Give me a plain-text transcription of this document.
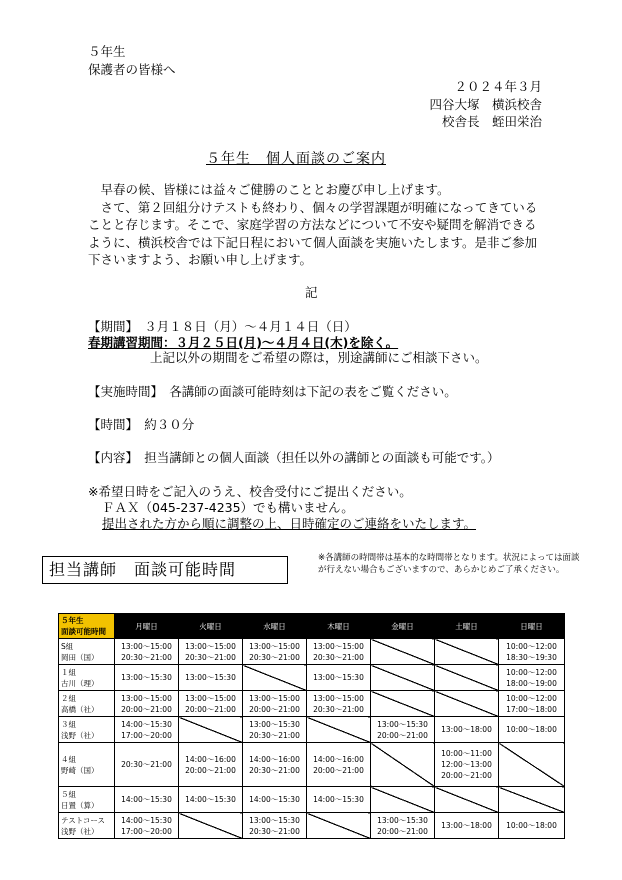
５年生
保護者の皆様へ
２０２４年３月
四谷大塚　横浜校舎
校舎長　蛭田栄治
５年生　個人面談のご案内
早春の候、皆様には益々ご健勝のこととお慶び申し上げます。
さて、第２回組分けテストも終わり、個々の学習課題が明確になってきていることと存じます。そこで、家庭学習の方法などについて不安や疑問を解消できるように、横浜校舎では下記日程において個人面談を実施いたします。是非ご参加下さいますよう、お願い申し上げます。
記
【期間】　３月１８日（月）～４月１４日（日）
春期講習期間：３月２５日(月)～４月４日(木)を除く。
上記以外の期間をご希望の際は，別途講師にご相談下さい。
【実施時間】　各講師の面談可能時刻は下記の表をご覧ください。
【時間】　約３０分
【内容】　担当講師との個人面談（担任以外の講師との面談も可能です。）
※希望日時をご記入のうえ、校舎受付にご提出ください。
ＦＡＸ（045-237-4235）でも構いません。
提出された方から順に調整の上、日時確定のご連絡をいたします。
担当講師　面談可能時間
※各講師の時間帯は基本的な時間帯となります。状況によっては面談が行えない場合もございますので、あらかじめご了承ください。
５年生
面談可能時間	月曜日	火曜日	水曜日	木曜日	金曜日	土曜日	日曜日

S組
岡田（国）	13:00～15:00
20:30～21:00	13:00～15:00
20:30～21:00	13:00～15:00
20:30～21:00	13:00～15:00
20:30～21:00			10:00～12:00
18:30～19:30

１組
古川（理）	13:00～15:30	13:00～15:30		13:00～15:30			10:00～12:00
18:00～19:00

２組
高橋（社）	13:00～15:00
20:00～21:00	13:00～15:00
20:00～21:00	13:00～15:00
20:00～21:00	13:00～15:00
20:30～21:00			10:00～12:00
17:00～18:00

３組
浅野（社）	14:00～15:30
17:00～20:00		13:00～15:30
20:30～21:00		13:00～15:30
20:00～21:00	13:00～18:00	10:00～18:00

４組
野崎（国）	20:30～21:00	14:00～16:00
20:00～21:00	14:00～16:00
20:30～21:00	14:00～16:00
20:00～21:00		10:00～11:00
12:00～13:00
20:00～21:00	

５組
日置（算）	14:00～15:30	14:00～15:30	14:00～15:30	14:00～15:30			

テストコース
浅野（社）	14:00～15:30
17:00～20:00		13:00～15:30
20:30～21:00		13:00～15:30
20:00～21:00	13:00～18:00	10:00～18:00
